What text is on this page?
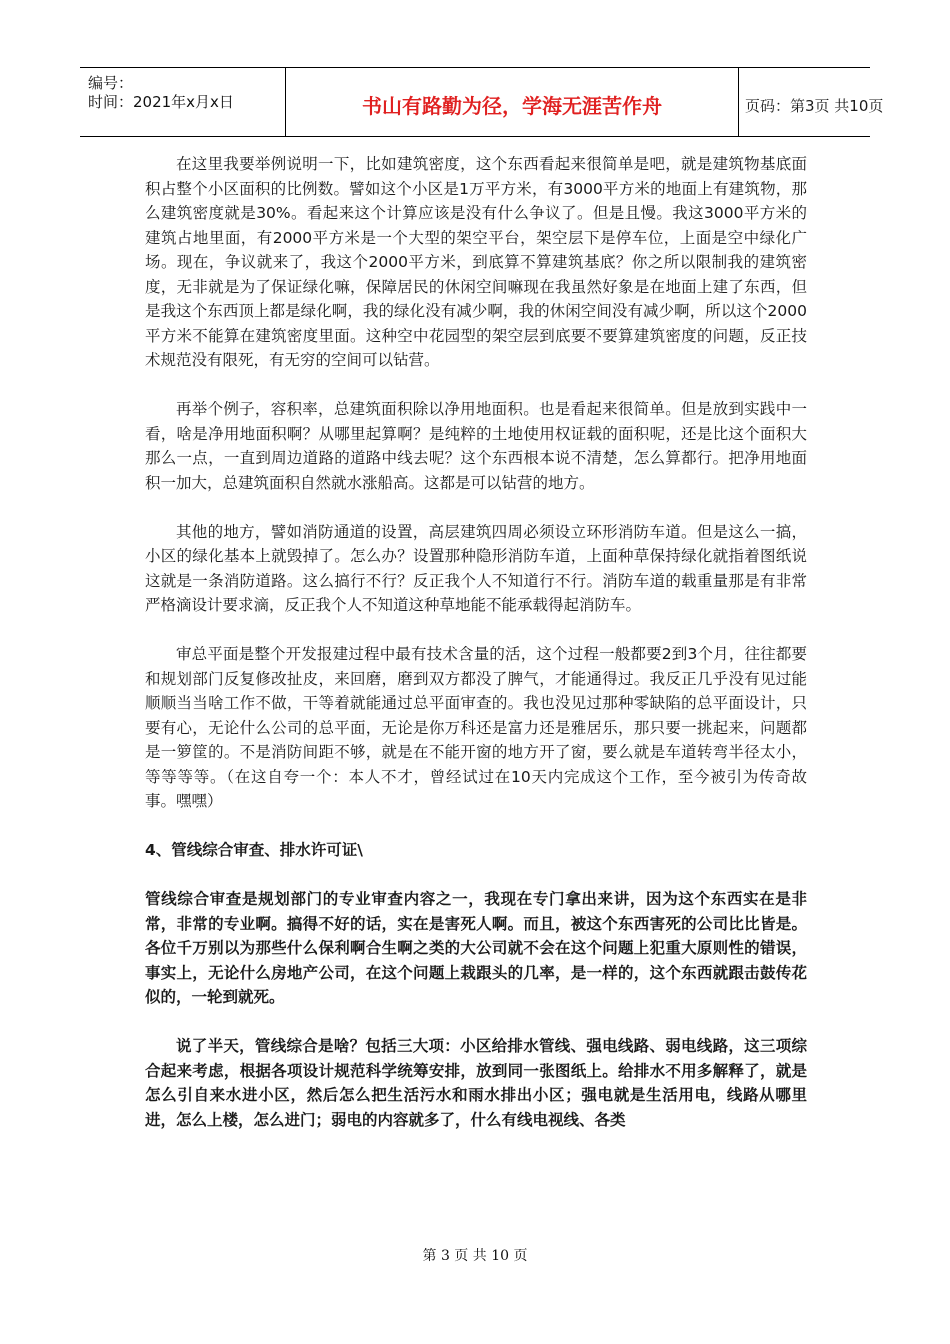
编号：
时间：2021年x月x日	书山有路勤为径，学海无涯苦作舟	页码：第3页 共10页

在这里我要举例说明一下，比如建筑密度，这个东西看起来很简单是吧，就是建筑物基底面积占整个小区面积的比例数。譬如这个小区是1万平方米，有3000平方米的地面上有建筑物，那么建筑密度就是30%。看起来这个计算应该是没有什么争议了。但是且慢。我这3000平方米的建筑占地里面，有2000平方米是一个大型的架空平台，架空层下是停车位，上面是空中绿化广场。现在，争议就来了，我这个2000平方米，到底算不算建筑基底？你之所以限制我的建筑密度，无非就是为了保证绿化嘛，保障居民的休闲空间嘛现在我虽然好象是在地面上建了东西，但是我这个东西顶上都是绿化啊，我的绿化没有减少啊，我的休闲空间没有减少啊，所以这个2000平方米不能算在建筑密度里面。这种空中花园型的架空层到底要不要算建筑密度的问题，反正技术规范没有限死，有无穷的空间可以钻营。

再举个例子，容积率，总建筑面积除以净用地面积。也是看起来很简单。但是放到实践中一看，啥是净用地面积啊？从哪里起算啊？是纯粹的土地使用权证载的面积呢，还是比这个面积大那么一点，一直到周边道路的道路中线去呢？这个东西根本说不清楚，怎么算都行。把净用地面积一加大，总建筑面积自然就水涨船高。这都是可以钻营的地方。

其他的地方，譬如消防通道的设置，高层建筑四周必须设立环形消防车道。但是这么一搞，小区的绿化基本上就毁掉了。怎么办？设置那种隐形消防车道，上面种草保持绿化就指着图纸说这就是一条消防道路。这么搞行不行？反正我个人不知道行不行。消防车道的载重量那是有非常严格滴设计要求滴，反正我个人不知道这种草地能不能承载得起消防车。

审总平面是整个开发报建过程中最有技术含量的活，这个过程一般都要2到3个月，往往都要和规划部门反复修改扯皮，来回磨，磨到双方都没了脾气，才能通得过。我反正几乎没有见过能顺顺当当啥工作不做，干等着就能通过总平面审查的。我也没见过那种零缺陷的总平面设计，只要有心，无论什么公司的总平面，无论是你万科还是富力还是雅居乐，那只要一挑起来，问题都是一箩筐的。不是消防间距不够，就是在不能开窗的地方开了窗，要么就是车道转弯半径太小，等等等等。（在这自夸一个：本人不才，曾经试过在10天内完成这个工作，至今被引为传奇故事。嘿嘿）

4、管线综合审查、排水许可证\

管线综合审查是规划部门的专业审查内容之一，我现在专门拿出来讲，因为这个东西实在是非常，非常的专业啊。搞得不好的话，实在是害死人啊。而且，被这个东西害死的公司比比皆是。各位千万别以为那些什么保利啊合生啊之类的大公司就不会在这个问题上犯重大原则性的错误，事实上，无论什么房地产公司，在这个问题上栽跟头的几率，是一样的，这个东西就跟击鼓传花似的，一轮到就死。

说了半天，管线综合是啥？包括三大项：小区给排水管线、强电线路、弱电线路，这三项综合起来考虑，根据各项设计规范科学统筹安排，放到同一张图纸上。给排水不用多解释了，就是怎么引自来水进小区，然后怎么把生活污水和雨水排出小区；强电就是生活用电，线路从哪里进，怎么上楼，怎么进门；弱电的内容就多了，什么有线电视线、各类

第 3 页 共 10 页
